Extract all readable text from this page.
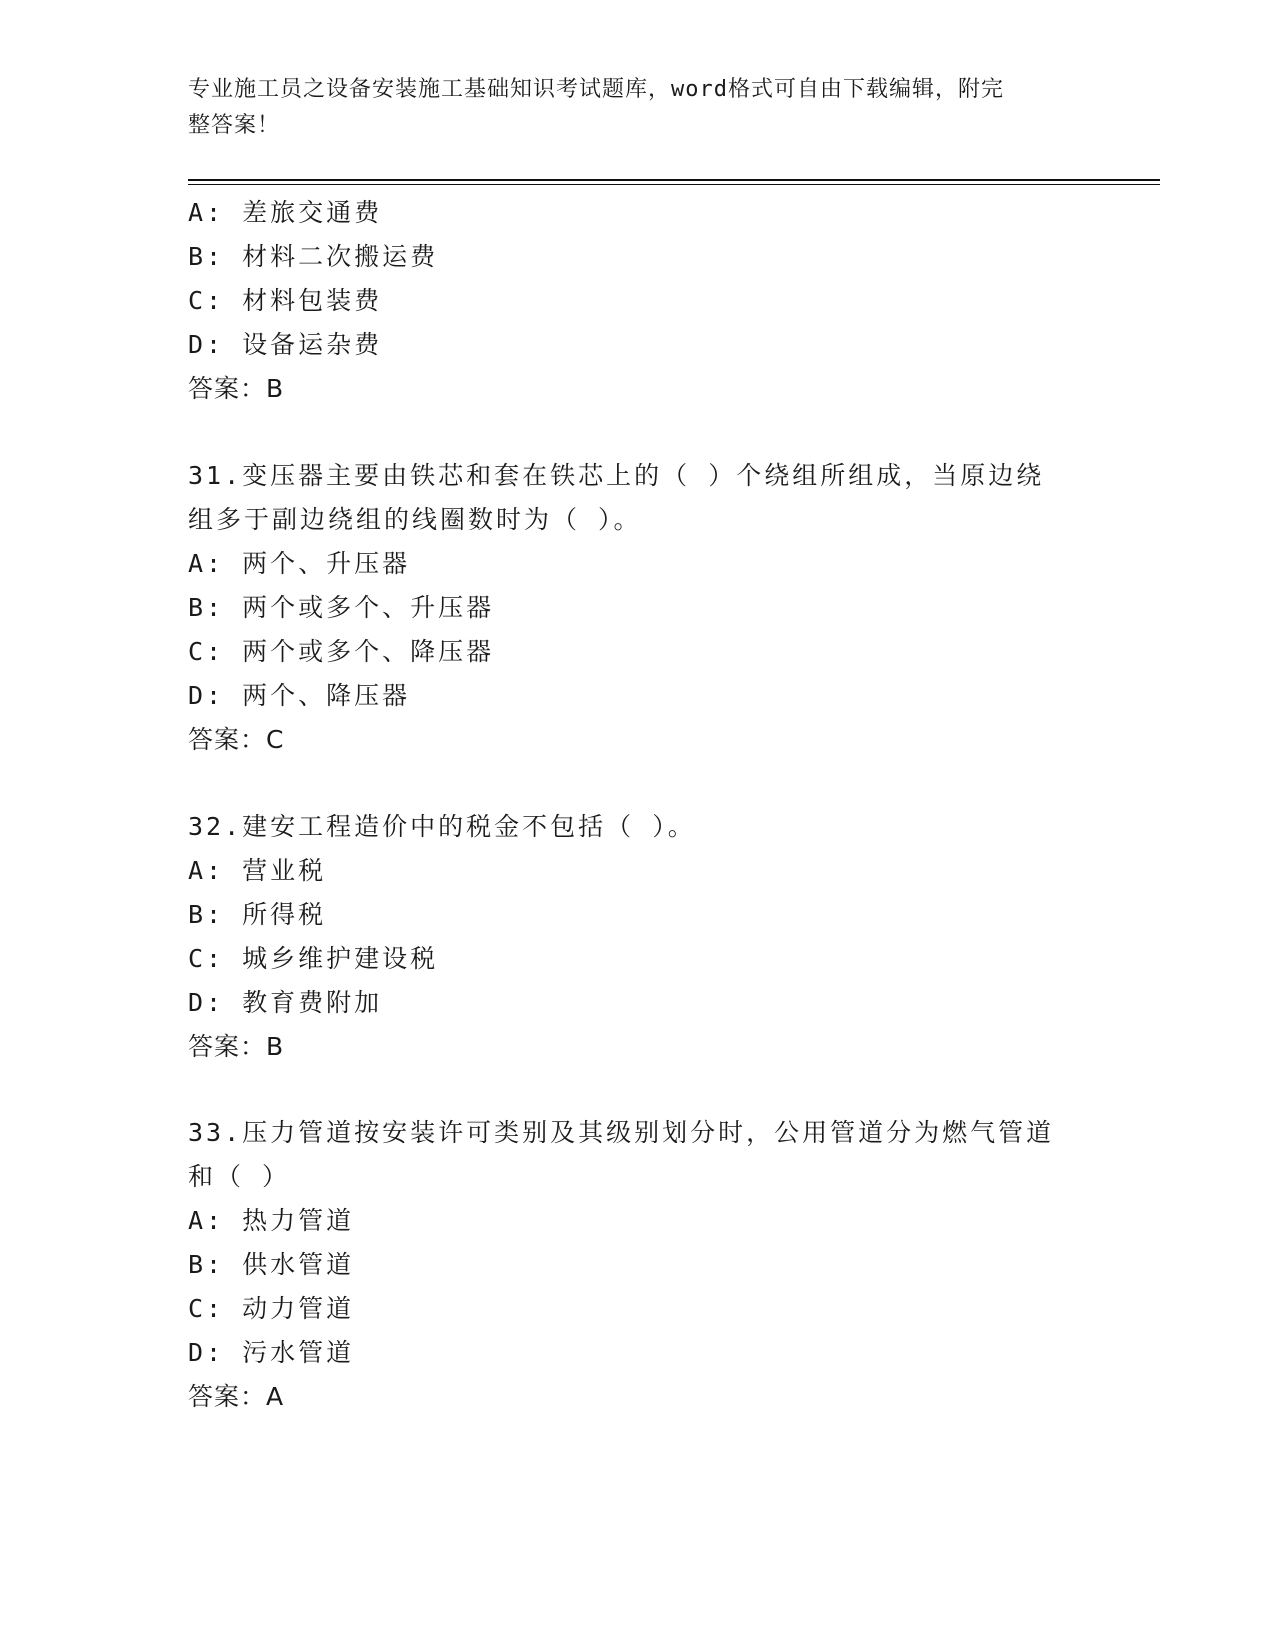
专业施工员之设备安装施工基础知识考试题库，word格式可自由下载编辑，附完
整答案！
A: 差旅交通费
B: 材料二次搬运费
C: 材料包装费
D: 设备运杂费
答案：B
31.变压器主要由铁芯和套在铁芯上的（ ）个绕组所组成，当原边绕
组多于副边绕组的线圈数时为（ ）。
A: 两个、升压器
B: 两个或多个、升压器
C: 两个或多个、降压器
D: 两个、降压器
答案：C
32.建安工程造价中的税金不包括（ ）。
A: 营业税
B: 所得税
C: 城乡维护建设税
D: 教育费附加
答案：B
33.压力管道按安装许可类别及其级别划分时，公用管道分为燃气管道
和（ ）
A: 热力管道
B: 供水管道
C: 动力管道
D: 污水管道
答案：A
